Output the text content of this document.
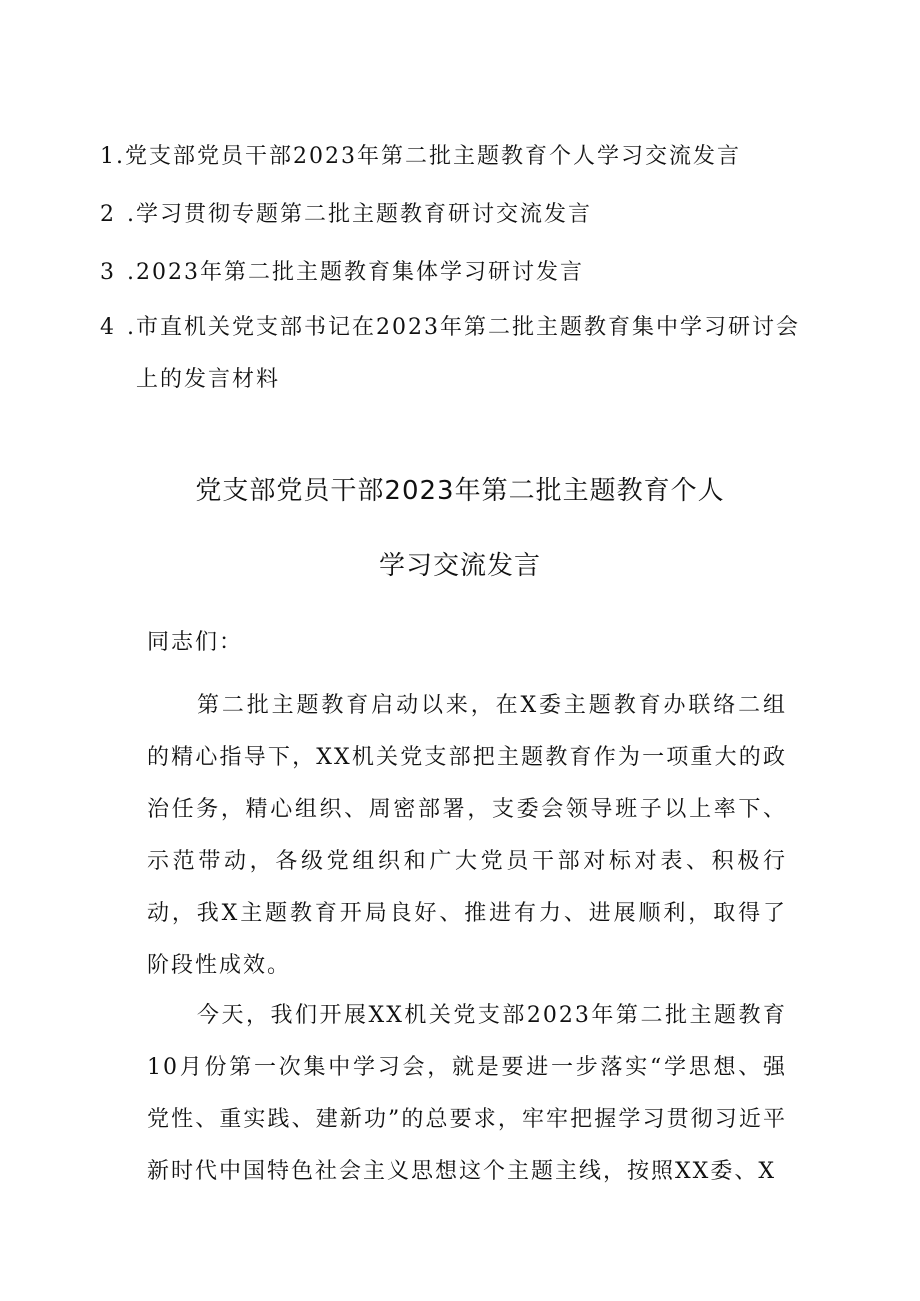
1.党支部党员干部2023年第二批主题教育个人学习交流发言
2 .学习贯彻专题第二批主题教育研讨交流发言
3 .2023年第二批主题教育集体学习研讨发言
4 .市直机关党支部书记在2023年第二批主题教育集中学习研讨会
上的发言材料
党支部党员干部2023年第二批主题教育个人
学习交流发言
同志们：
第二批主题教育启动以来，在X委主题教育办联络二组的精心指导下，XX机关党支部把主题教育作为一项重大的政治任务，精心组织、周密部署，支委会领导班子以上率下、示范带动，各级党组织和广大党员干部对标对表、积极行动，我X主题教育开局良好、推进有力、进展顺利，取得了阶段性成效。
今天，我们开展XX机关党支部2023年第二批主题教育10月份第一次集中学习会，就是要进一步落实“学思想、强党性、重实践、建新功”的总要求，牢牢把握学习贯彻习近平新时代中国特色社会主义思想这个主题主线，按照XX委、X
